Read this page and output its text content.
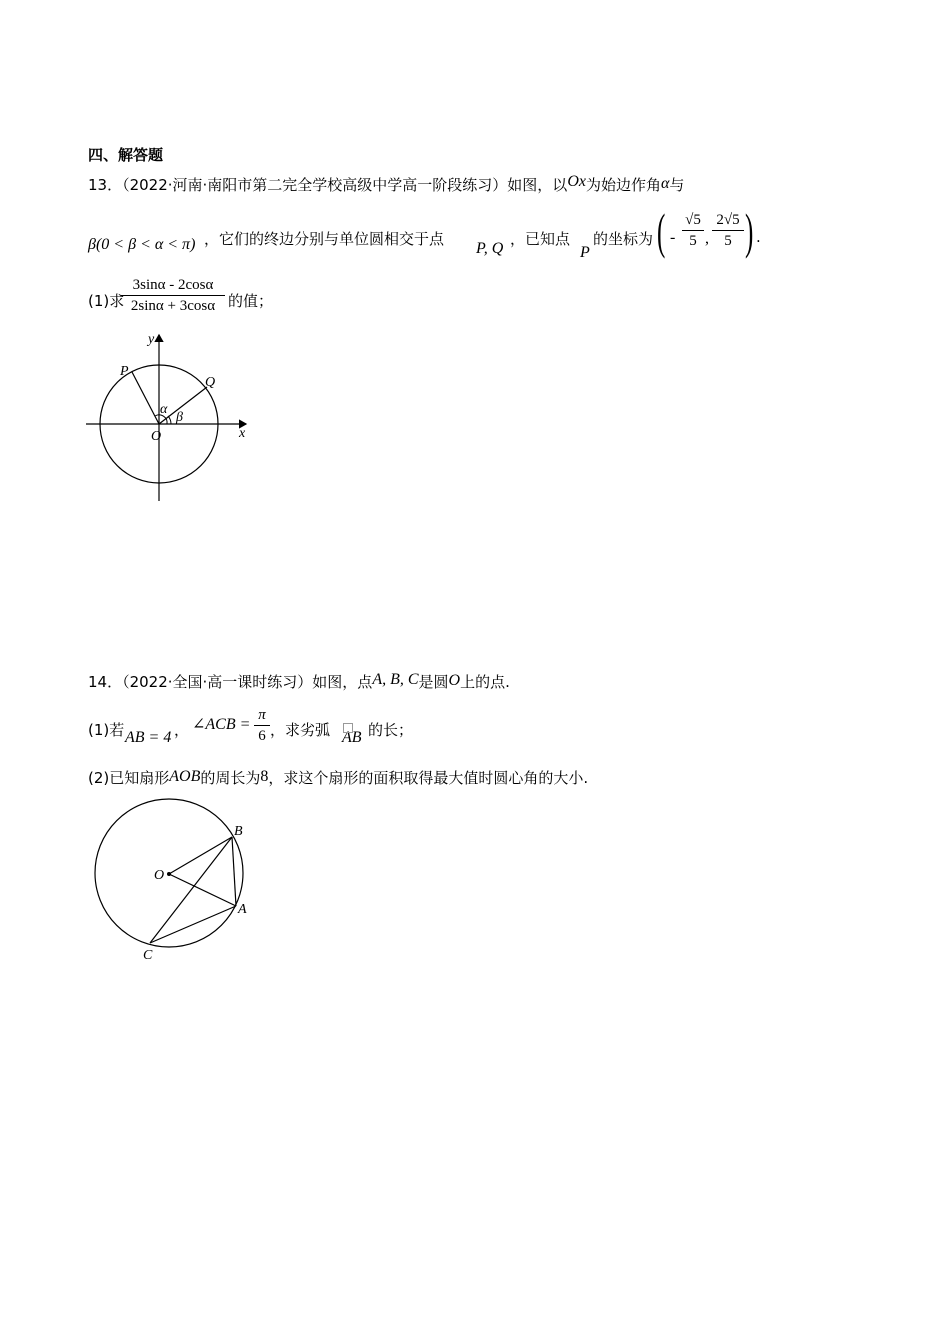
四、解答题
13．（2022·河南·南阳市第二完全学校高级中学高一阶段练习）如图，以Ox为始边作角α与
β(0 < β < α < π) ，它们的终边分别与单位圆相交于点
P, Q
，已知点
P
的坐标为 ( -
√5
5 ,
2√5
5 ) .
(1)求
3sinα - 2cosα
2sinα + 3cosα 的值；
O
y
x
P
Q
α
β
14．（2022·全国·高一课时练习）如图，点A, B, C是圆O上的点.
(1)若 AB = 4 ， ∠ACB =
π
6 ，求劣弧 AB 的长；
(2)已知扇形AOB的周长为8，求这个扇形的面积取得最大值时圆心角的大小.
O
B
A
C
